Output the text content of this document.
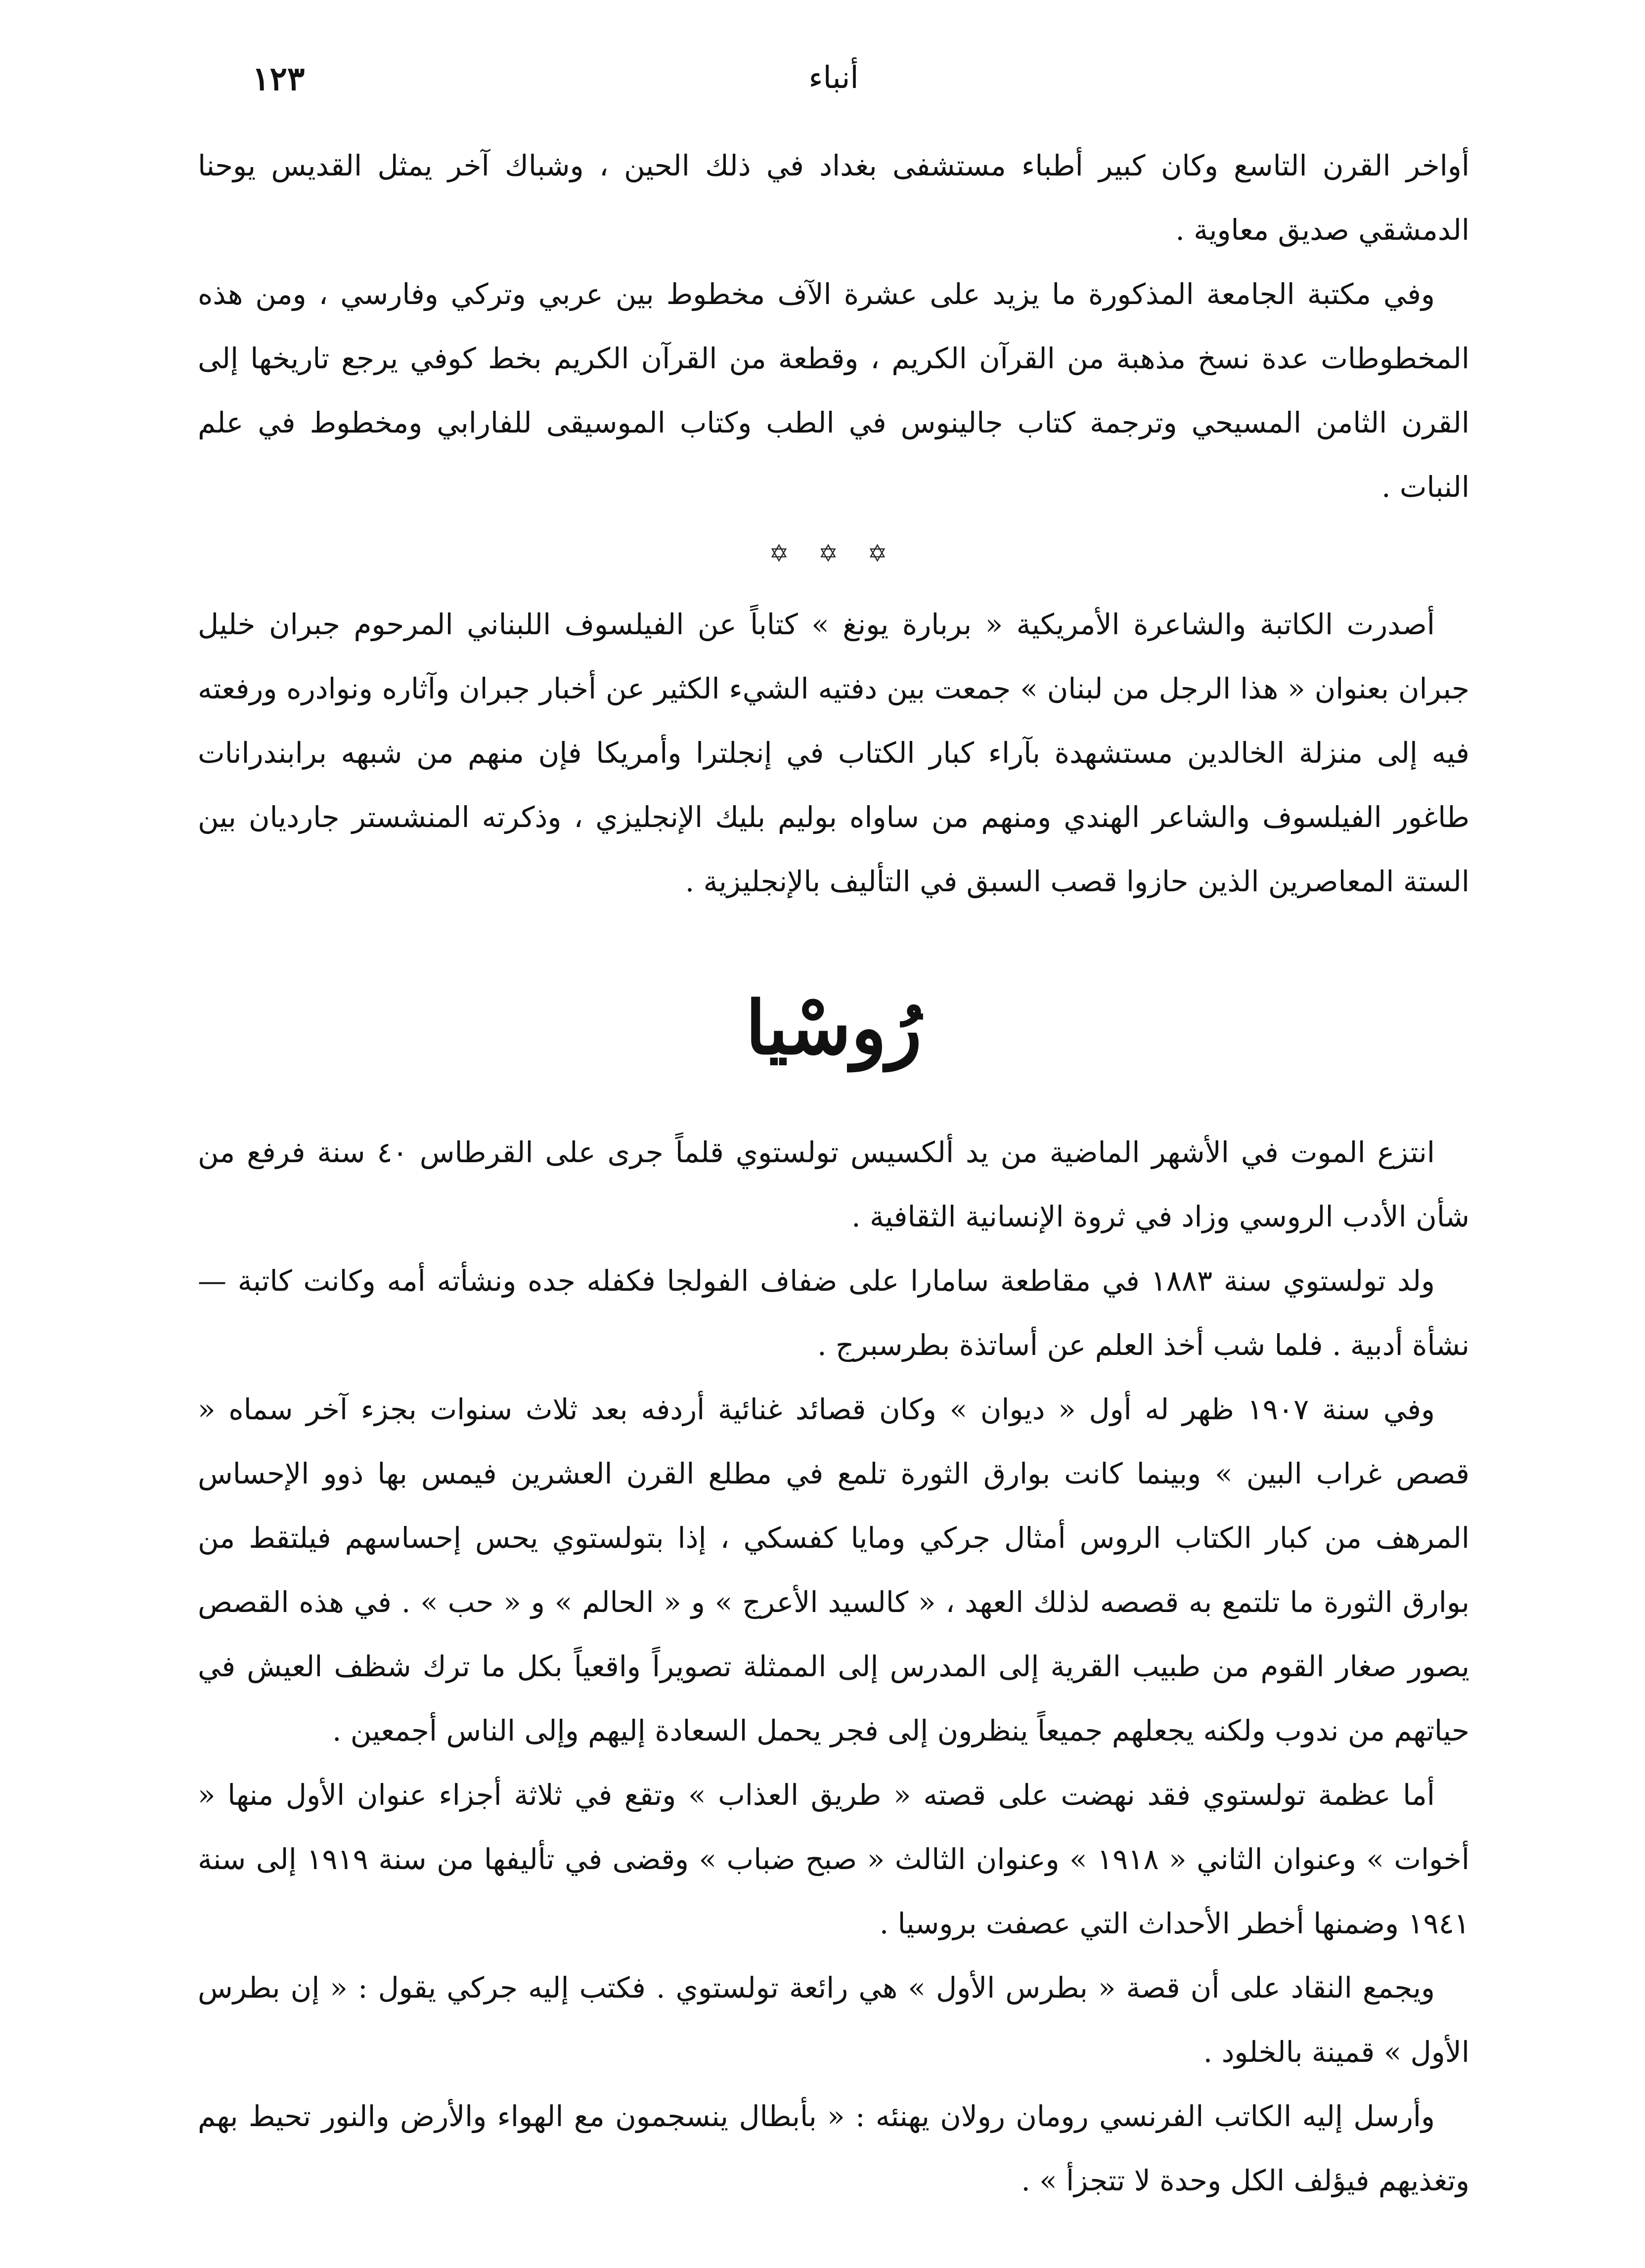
أنباء
١٢٣

أواخر القرن التاسع وكان كبير أطباء مستشفى بغداد في ذلك الحين ، وشباك آخر يمثل القديس يوحنا الدمشقي صديق معاوية .

وفي مكتبة الجامعة المذكورة ما يزيد على عشرة الآف مخطوط بين عربي وتركي وفارسي ، ومن هذه المخطوطات عدة نسخ مذهبة من القرآن الكريم ، وقطعة من القرآن الكريم بخط كوفي يرجع تاريخها إلى القرن الثامن المسيحي وترجمة كتاب جالينوس في الطب وكتاب الموسيقى للفارابي ومخطوط في علم النبات .

✡ ✡ ✡

أصدرت الكاتبة والشاعرة الأمريكية « بربارة يونغ » كتاباً عن الفيلسوف اللبناني المرحوم جبران خليل جبران بعنوان « هذا الرجل من لبنان » جمعت بين دفتيه الشيء الكثير عن أخبار جبران وآثاره ونوادره ورفعته فيه إلى منزلة الخالدين مستشهدة بآراء كبار الكتاب في إنجلترا وأمريكا فإن منهم من شبهه برابندرانات طاغور الفيلسوف والشاعر الهندي ومنهم من ساواه بوليم بليك الإنجليزي ، وذكرته المنشستر جارديان بين الستة المعاصرين الذين حازوا قصب السبق في التأليف بالإنجليزية .

رُوسْيا

انتزع الموت في الأشهر الماضية من يد ألكسيس تولستوي قلماً جرى على القرطاس ٤٠ سنة فرفع من شأن الأدب الروسي وزاد في ثروة الإنسانية الثقافية .

ولد تولستوي سنة ١٨٨٣ في مقاطعة سامارا على ضفاف الفولجا فكفله جده ونشأته أمه وكانت كاتبة — نشأة أدبية . فلما شب أخذ العلم عن أساتذة بطرسبرج .

وفي سنة ١٩٠٧ ظهر له أول « ديوان » وكان قصائد غنائية أردفه بعد ثلاث سنوات بجزء آخر سماه « قصص غراب البين » وبينما كانت بوارق الثورة تلمع في مطلع القرن العشرين فيمس بها ذوو الإحساس المرهف من كبار الكتاب الروس أمثال جركي ومايا كفسكي ، إذا بتولستوي يحس إحساسهم فيلتقط من بوارق الثورة ما تلتمع به قصصه لذلك العهد ، « كالسيد الأعرج » و « الحالم » و « حب » . في هذه القصص يصور صغار القوم من طبيب القرية إلى المدرس إلى الممثلة تصويراً واقعياً بكل ما ترك شظف العيش في حياتهم من ندوب ولكنه يجعلهم جميعاً ينظرون إلى فجر يحمل السعادة إليهم وإلى الناس أجمعين .

أما عظمة تولستوي فقد نهضت على قصته « طريق العذاب » وتقع في ثلاثة أجزاء عنوان الأول منها « أخوات » وعنوان الثاني « ١٩١٨ » وعنوان الثالث « صبح ضباب » وقضى في تأليفها من سنة ١٩١٩ إلى سنة ١٩٤١ وضمنها أخطر الأحداث التي عصفت بروسيا .

ويجمع النقاد على أن قصة « بطرس الأول » هي رائعة تولستوي . فكتب إليه جركي يقول : « إن بطرس الأول » قمينة بالخلود .

وأرسل إليه الكاتب الفرنسي رومان رولان يهنئه : « بأبطال ينسجمون مع الهواء والأرض والنور تحيط بهم وتغذيهم فيؤلف الكل وحدة لا تتجزأ » .
